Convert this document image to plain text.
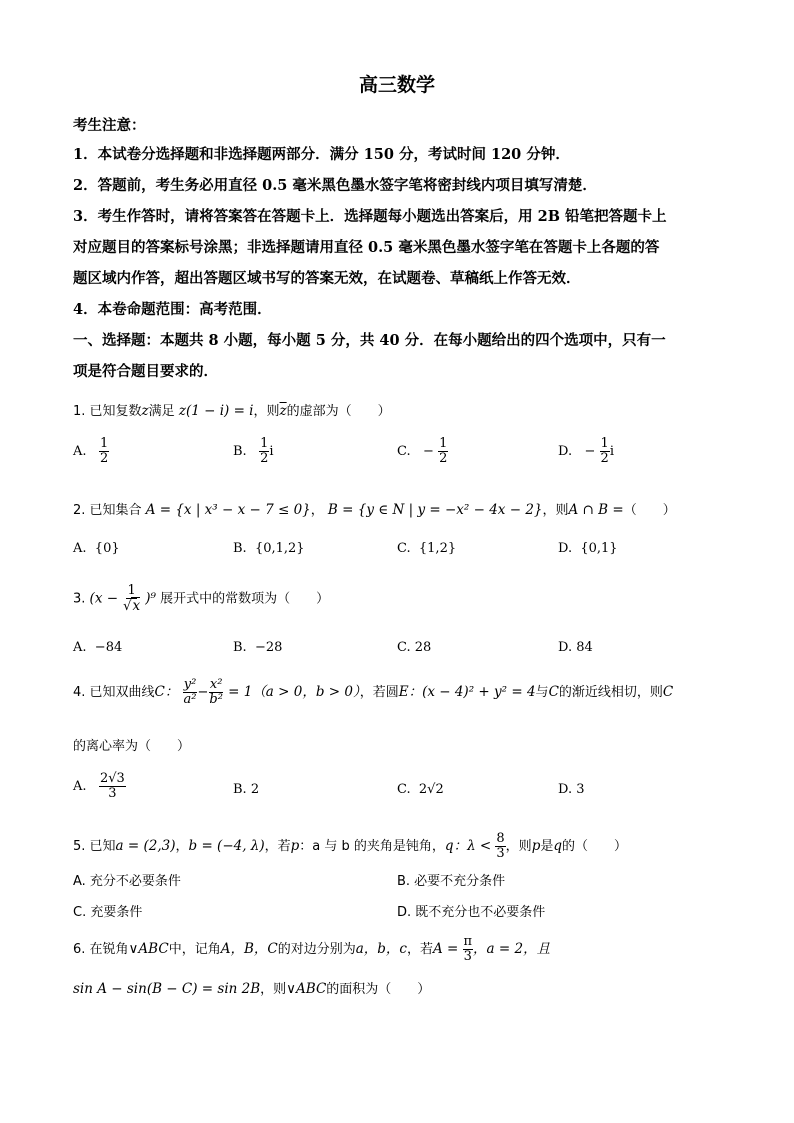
高三数学
考生注意：
1．本试卷分选择题和非选择题两部分．满分 150 分，考试时间 120 分钟．
2．答题前，考生务必用直径 0.5 毫米黑色墨水签字笔将密封线内项目填写清楚．
3．考生作答时，请将答案答在答题卡上．选择题每小题选出答案后，用 2B 铅笔把答题卡上
对应题目的答案标号涂黑；非选择题请用直径 0.5 毫米黑色墨水签字笔在答题卡上各题的答
题区域内作答，超出答题区域书写的答案无效，在试题卷、草稿纸上作答无效．
4．本卷命题范围：高考范围．
一、选择题：本题共 8 小题，每小题 5 分，共 40 分．在每小题给出的四个选项中，只有一
项是符合题目要求的．
1. 已知复数z满足 z(1 − i) = i，则$\overline{z}$的虚部为（　　）
A. $\frac{1}{2}$	B. $\frac{1}{2}$ i	C. − $\frac{1}{2}$	D. − $\frac{1}{2}$ i
2. 已知集合 A = {x | x³ − x − 7 ≤ 0}， B = {y ∈ N | y = −x² − 4x − 2}，则A ∩ B =（　　）
A. {0}	B. {0,1,2}	C. {1,2}	D. {0,1}
3. $(x - \frac{1}{√x} )^9$ 展开式中的常数项为（　　）
A. −84	B. −28	C. 28	D. 84
4. 已知双曲线C： $\frac{\text{y²}}{\text{a²}} - \frac{\text{x²}}{\text{b²}} = 1(a > 0$，b > 0），若圆E：(x − 4)² + y² = 4与C的渐近线相切，则C
的离心率为（　　）
A. $\frac{2√3}{3}$	B. 2	C. 2√2	D. 3
5. 已知a = (2,3)，b = (−4, λ)，若p：a 与 b 的夹角是钝角，q：$\lambda < \frac{8}{3}$ ，则p是q的（　　）
A. 充分不必要条件	B. 必要不充分条件
C. 充要条件	D. 既不充分也不必要条件
6. 在锐角∨ABC中，记角A，B，C的对边分别为a，b，c，若$A = \frac{\pi}{3}$ ，a = 2，且
sin A − sin(B − C) = sin 2B，则∨ABC的面积为（　　）
